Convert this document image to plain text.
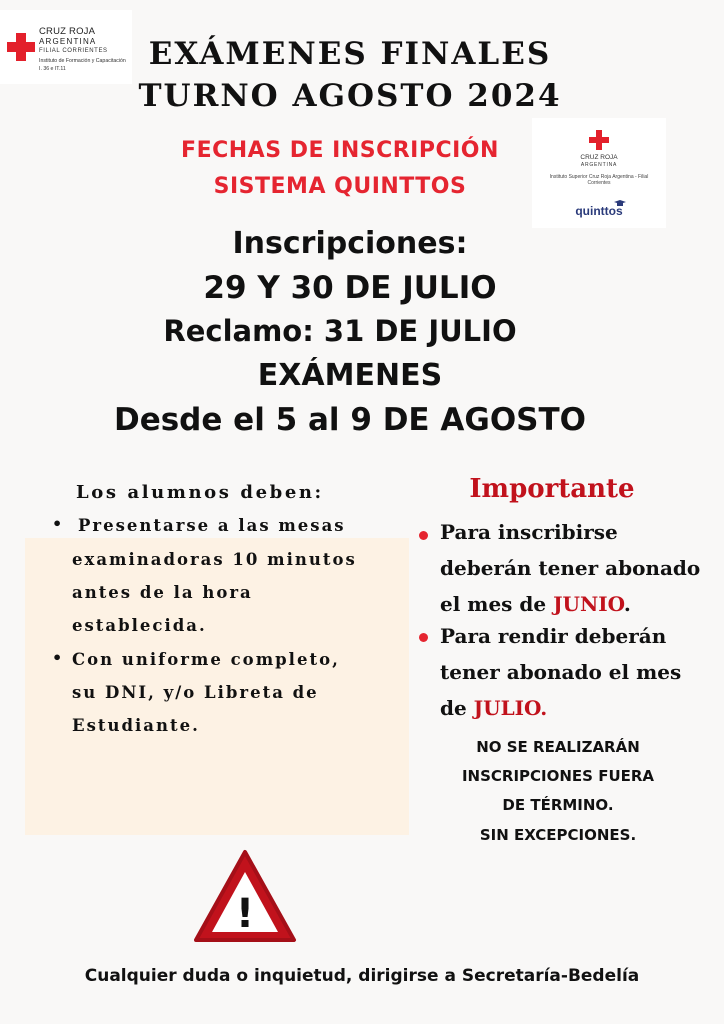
CRUZ ROJA
ARGENTINA
FILIAL CORRIENTES
Instituto de Formación y Capacitación
I. 36 e IT.11	EXÁMENES FINALES
TURNO AGOSTO 2024
FECHAS DE INSCRIPCIÓN
SISTEMA QUINTTOS
CRUZ ROJA
ARGENTINA
Instituto Superior Cruz Roja Argentina - Filial Corrientes
quinttos
Inscripciones:
29 Y 30 DE JULIO
Reclamo: 31 DE JULIO
EXÁMENES
Desde el 5 al 9 DE AGOSTO
Los alumnos deben:
• Presentarse a las mesas
examinadoras 10 minutos
antes de la hora
establecida.
• Con uniforme completo,
su DNI, y/o Libreta de
Estudiante.
Importante
Para inscribirse
deberán tener abonado
el mes de JUNIO.
Para rendir deberán
tener abonado el mes
de JULIO.
NO SE REALIZARÁN
INSCRIPCIONES FUERA
DE TÉRMINO.
SIN EXCEPCIONES.
!
Cualquier duda o inquietud, dirigirse a Secretaría-Bedelía
